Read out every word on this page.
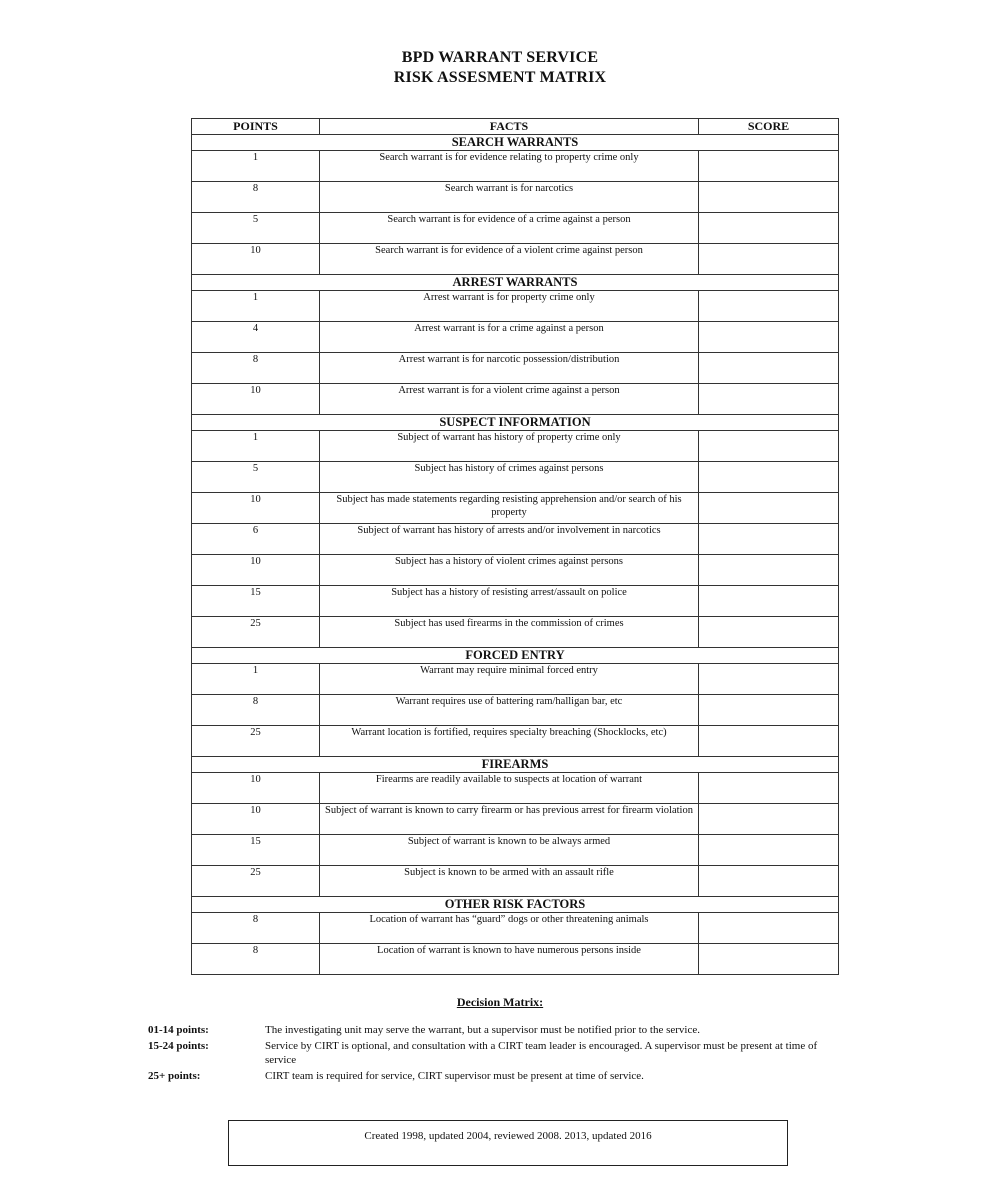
BPD WARRANT SERVICE
RISK ASSESMENT MATRIX
POINTS	FACTS	SCORE
SEARCH WARRANTS		
1	Search warrant is for evidence relating to property crime only	
8	Search warrant is for narcotics	
5	Search warrant is for evidence of a crime against a person	
10	Search warrant is for evidence of a violent crime against person	
ARREST WARRANTS		
1	Arrest warrant is for property crime only	
4	Arrest warrant is for a crime against a person	
8	Arrest warrant is for narcotic possession/distribution	
10	Arrest warrant is for a violent crime against a person	
SUSPECT INFORMATION		
1	Subject of warrant has history of property crime only	
5	Subject has history of crimes against persons	
10	Subject has made statements regarding resisting apprehension and/or search of his property	
6	Subject of warrant has history of arrests and/or involvement in narcotics	
10	Subject has a history of violent crimes against persons	
15	Subject has a history of resisting arrest/assault on police	
25	Subject has used firearms in the commission of crimes	
FORCED ENTRY		
1	Warrant may require minimal forced entry	
8	Warrant requires use of battering ram/halligan bar, etc	
25	Warrant location is fortified, requires specialty breaching (Shocklocks, etc)	
FIREARMS		
10	Firearms are readily available to suspects at location of warrant	
10	Subject of warrant is known to carry firearm or has previous arrest for firearm violation	
15	Subject of warrant is known to be always armed	
25	Subject is known to be armed with an assault rifle	
OTHER RISK FACTORS		
8	Location of warrant has “guard” dogs or other threatening animals	
8	Location of warrant is known to have numerous persons inside	
Decision Matrix:
01-14 points:	The investigating unit may serve the warrant, but a supervisor must be notified prior to the service.
15-24 points:	Service by CIRT is optional, and consultation with a CIRT team leader is encouraged. A supervisor must be present at time of service
25+ points:	CIRT team is required for service, CIRT supervisor must be present at time of service.
Created 1998, updated 2004, reviewed 2008. 2013, updated 2016
